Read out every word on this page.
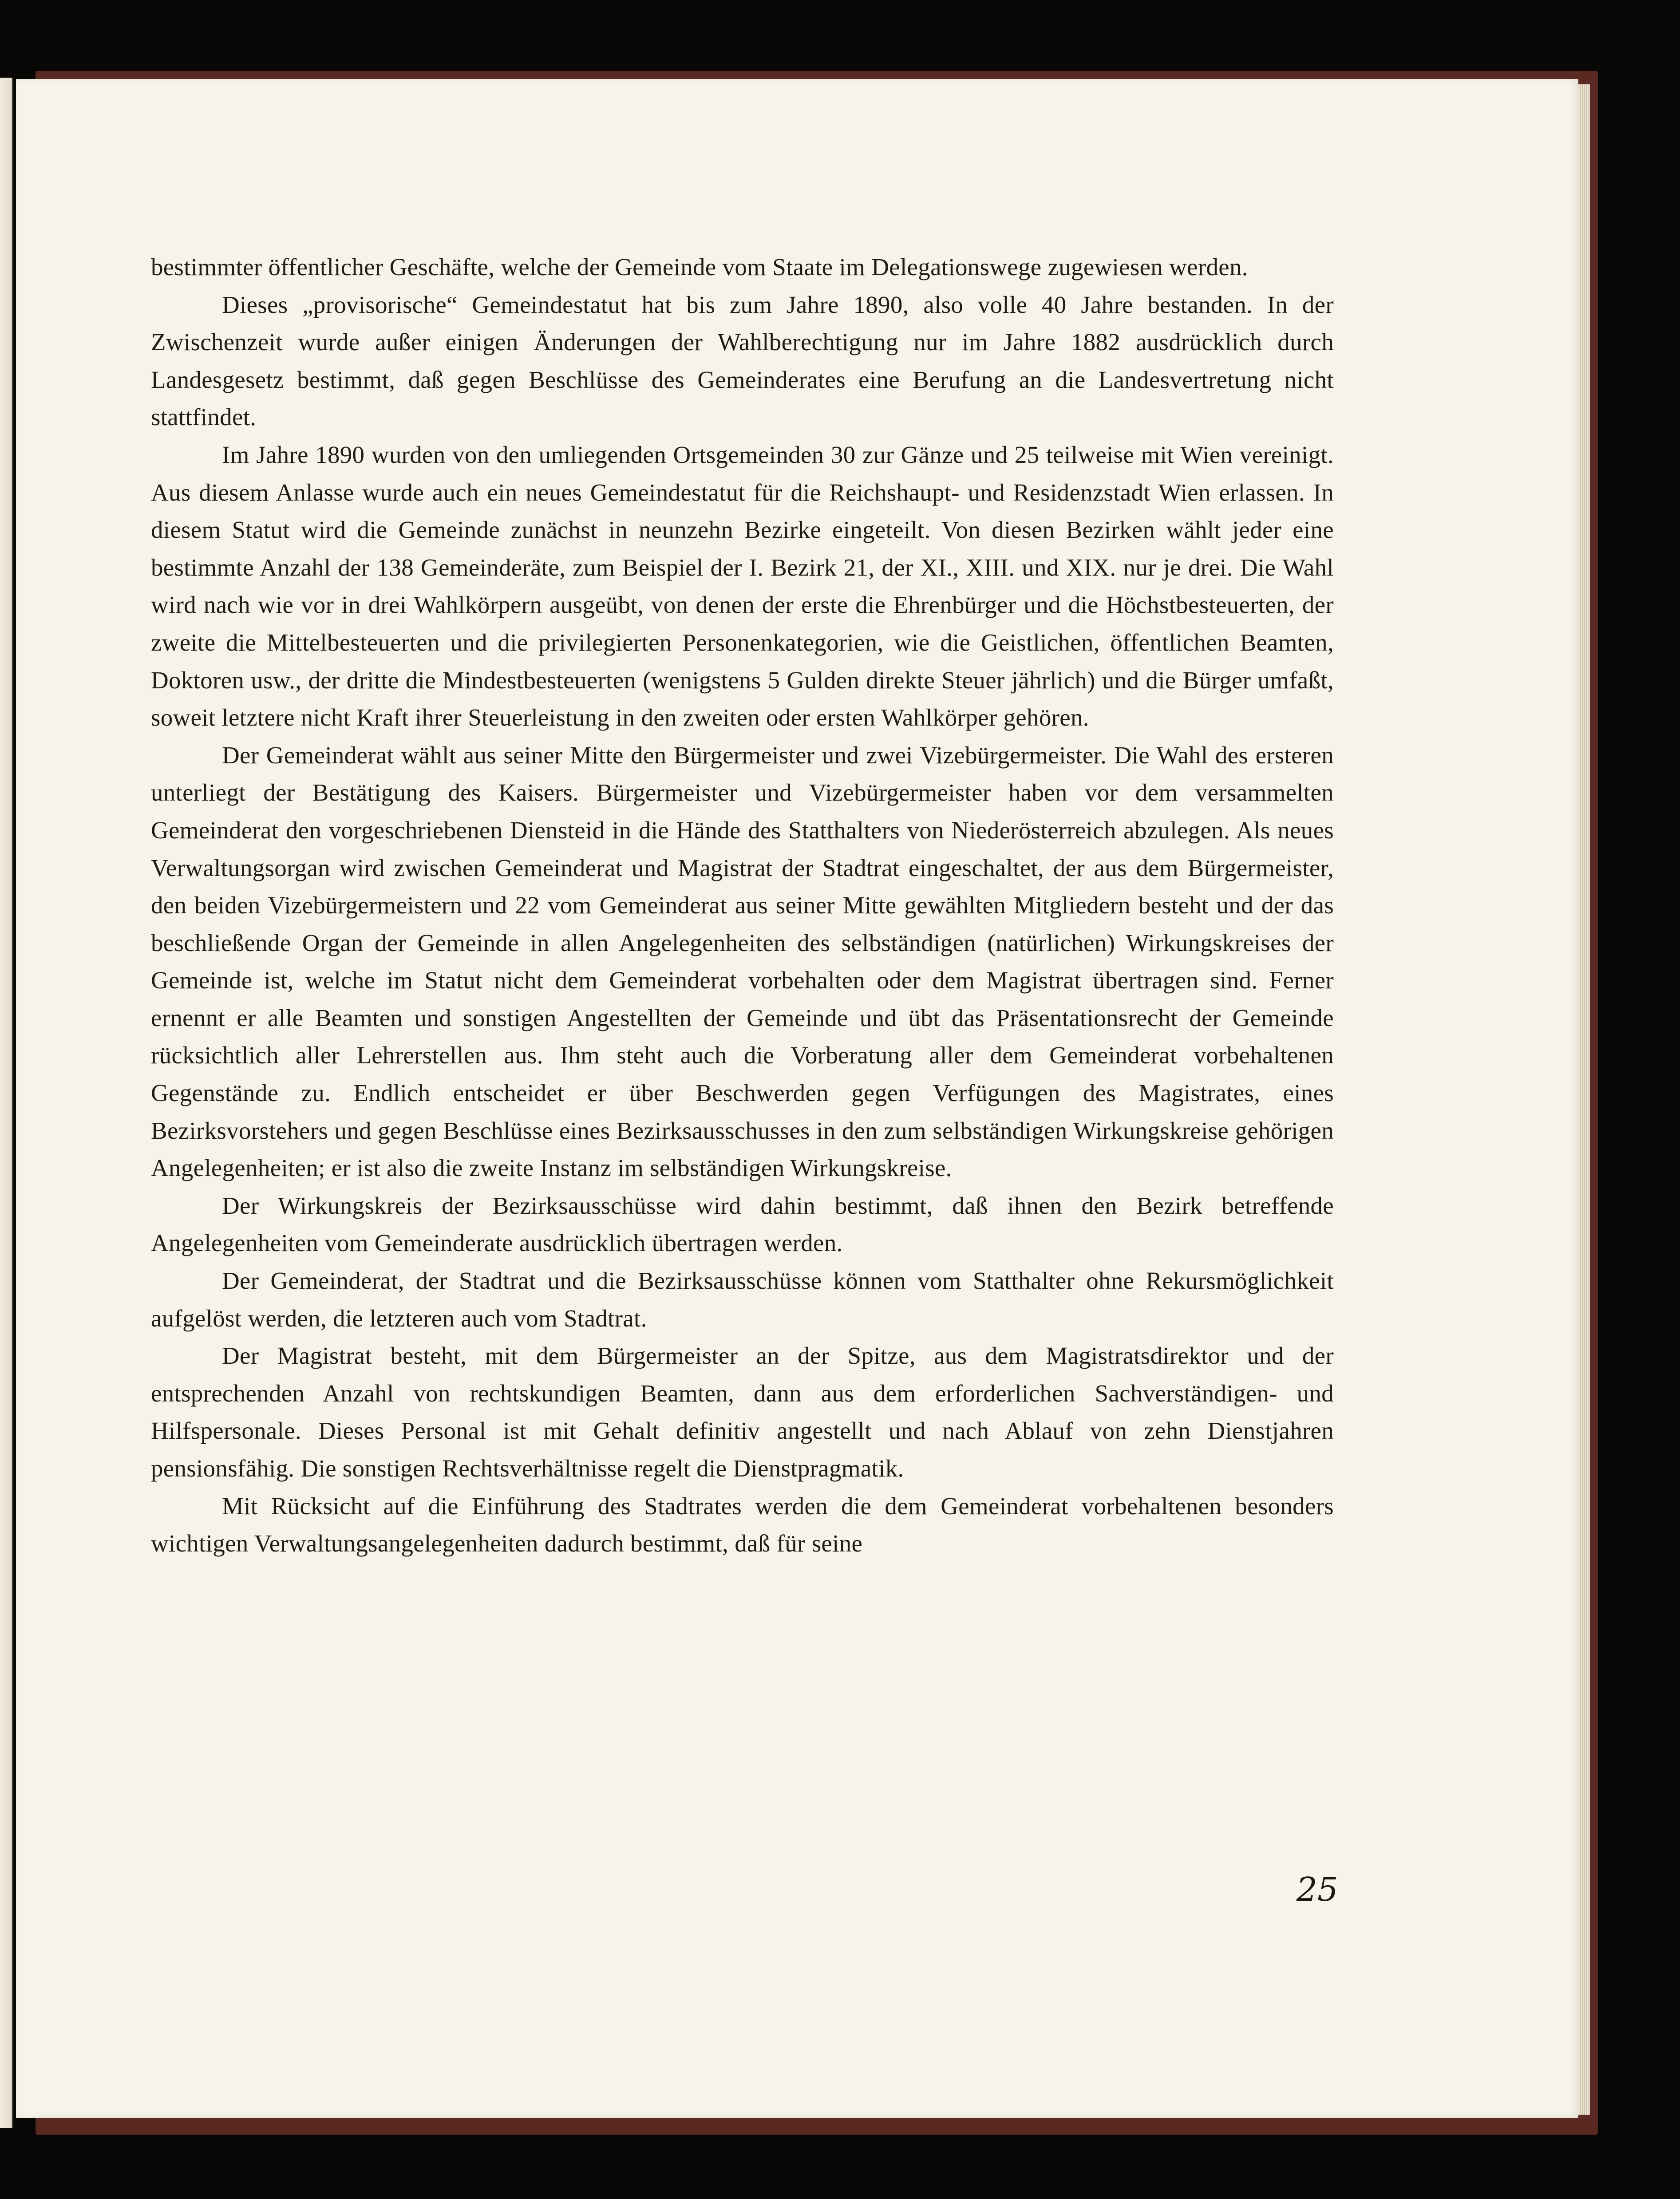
bestimmter öffentlicher Geschäfte, welche der Gemeinde vom Staate im Delegationswege zugewiesen werden.

Dieses „provisorische“ Gemeindestatut hat bis zum Jahre 1890, also volle 40 Jahre bestanden. In der Zwischenzeit wurde außer einigen Änderungen der Wahlberechtigung nur im Jahre 1882 ausdrücklich durch Landesgesetz bestimmt, daß gegen Beschlüsse des Gemeinderates eine Berufung an die Landesvertretung nicht stattfindet.

Im Jahre 1890 wurden von den umliegenden Ortsgemeinden 30 zur Gänze und 25 teilweise mit Wien vereinigt. Aus diesem Anlasse wurde auch ein neues Gemeindestatut für die Reichshaupt- und Residenzstadt Wien erlassen. In diesem Statut wird die Gemeinde zunächst in neunzehn Bezirke eingeteilt. Von diesen Bezirken wählt jeder eine bestimmte Anzahl der 138 Gemeinderäte, zum Beispiel der I. Bezirk 21, der XI., XIII. und XIX. nur je drei. Die Wahl wird nach wie vor in drei Wahlkörpern ausgeübt, von denen der erste die Ehrenbürger und die Höchstbesteuerten, der zweite die Mittelbesteuerten und die privilegierten Personenkategorien, wie die Geistlichen, öffentlichen Beamten, Doktoren usw., der dritte die Mindestbesteuerten (wenigstens 5 Gulden direkte Steuer jährlich) und die Bürger umfaßt, soweit letztere nicht Kraft ihrer Steuerleistung in den zweiten oder ersten Wahlkörper gehören.

Der Gemeinderat wählt aus seiner Mitte den Bürgermeister und zwei Vizebürgermeister. Die Wahl des ersteren unterliegt der Bestätigung des Kaisers. Bürgermeister und Vizebürgermeister haben vor dem versammelten Gemeinderat den vorgeschriebenen Diensteid in die Hände des Statthalters von Niederösterreich abzulegen. Als neues Verwaltungsorgan wird zwischen Gemeinderat und Magistrat der Stadtrat eingeschaltet, der aus dem Bürgermeister, den beiden Vizebürgermeistern und 22 vom Gemeinderat aus seiner Mitte gewählten Mitgliedern besteht und der das beschließende Organ der Gemeinde in allen Angelegenheiten des selbständigen (natürlichen) Wirkungskreises der Gemeinde ist, welche im Statut nicht dem Gemeinderat vorbehalten oder dem Magistrat übertragen sind. Ferner ernennt er alle Beamten und sonstigen Angestellten der Gemeinde und übt das Präsentationsrecht der Gemeinde rücksichtlich aller Lehrerstellen aus. Ihm steht auch die Vorberatung aller dem Gemeinderat vorbehaltenen Gegenstände zu. Endlich entscheidet er über Beschwerden gegen Verfügungen des Magistrates, eines Bezirksvorstehers und gegen Beschlüsse eines Bezirksausschusses in den zum selbständigen Wirkungskreise gehörigen Angelegenheiten; er ist also die zweite Instanz im selbständigen Wirkungskreise.

Der Wirkungskreis der Bezirksausschüsse wird dahin bestimmt, daß ihnen den Bezirk betreffende Angelegenheiten vom Gemeinderate ausdrücklich übertragen werden.

Der Gemeinderat, der Stadtrat und die Bezirksausschüsse können vom Statthalter ohne Rekursmöglichkeit aufgelöst werden, die letzteren auch vom Stadtrat.

Der Magistrat besteht, mit dem Bürgermeister an der Spitze, aus dem Magistratsdirektor und der entsprechenden Anzahl von rechtskundigen Beamten, dann aus dem erforderlichen Sachverständigen- und Hilfspersonale. Dieses Personal ist mit Gehalt definitiv angestellt und nach Ablauf von zehn Dienstjahren pensionsfähig. Die sonstigen Rechtsverhältnisse regelt die Dienstpragmatik.

Mit Rücksicht auf die Einführung des Stadtrates werden die dem Gemeinderat vorbehaltenen besonders wichtigen Verwaltungsangelegenheiten dadurch bestimmt, daß für seine

25
